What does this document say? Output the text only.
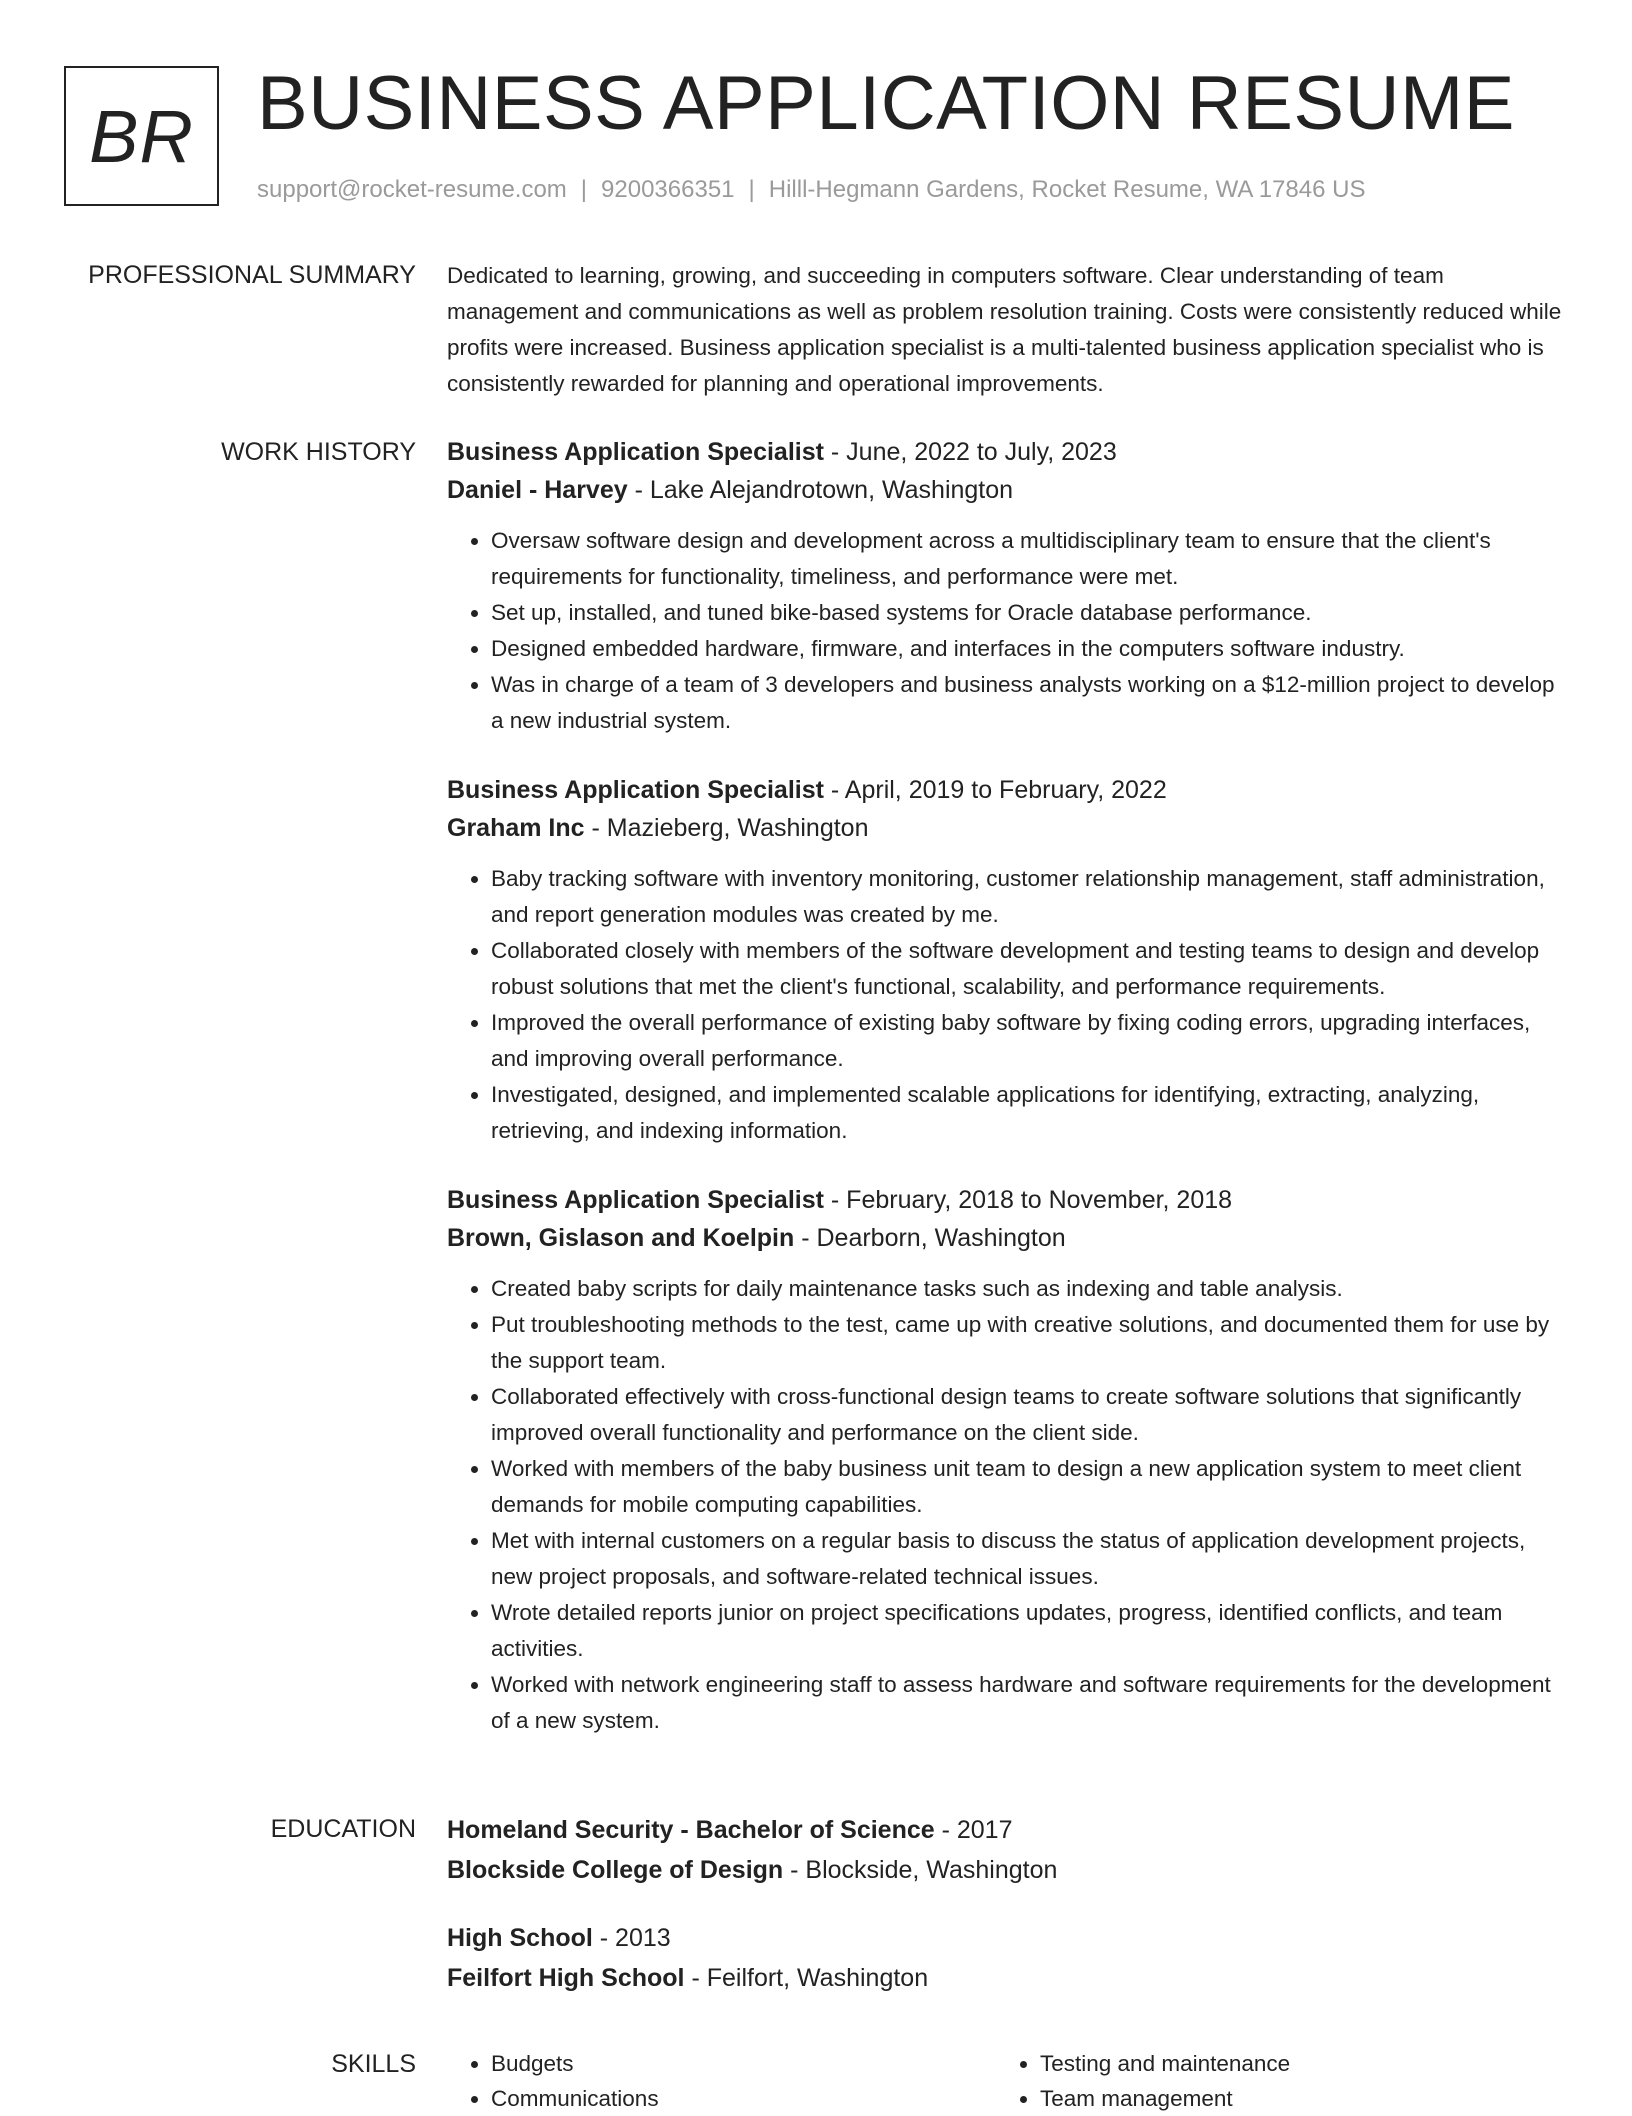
BR BUSINESS APPLICATION RESUME
support@rocket-resume.com | 9200366351 | Hilll-Hegmann Gardens, Rocket Resume, WA 17846 US
PROFESSIONAL SUMMARY Dedicated to learning, growing, and succeeding in computers software. Clear understanding of team management and communications as well as problem resolution training. Costs were consistently reduced while profits were increased. Business application specialist is a multi-talented business application specialist who is consistently rewarded for planning and operational improvements.

WORK HISTORY Business Application Specialist - June, 2022 to July, 2023
Daniel - Harvey - Lake Alejandrotown, Washington
• Oversaw software design and development across a multidisciplinary team to ensure that the client's requirements for functionality, timeliness, and performance were met.
• Set up, installed, and tuned bike-based systems for Oracle database performance.
• Designed embedded hardware, firmware, and interfaces in the computers software industry.
• Was in charge of a team of 3 developers and business analysts working on a $12-million project to develop a new industrial system.
Business Application Specialist - April, 2019 to February, 2022
Graham Inc - Mazieberg, Washington
• Baby tracking software with inventory monitoring, customer relationship management, staff administration, and report generation modules was created by me.
• Collaborated closely with members of the software development and testing teams to design and develop robust solutions that met the client's functional, scalability, and performance requirements.
• Improved the overall performance of existing baby software by fixing coding errors, upgrading interfaces, and improving overall performance.
• Investigated, designed, and implemented scalable applications for identifying, extracting, analyzing, retrieving, and indexing information.
Business Application Specialist - February, 2018 to November, 2018
Brown, Gislason and Koelpin - Dearborn, Washington
• Created baby scripts for daily maintenance tasks such as indexing and table analysis.
• Put troubleshooting methods to the test, came up with creative solutions, and documented them for use by the support team.
• Collaborated effectively with cross-functional design teams to create software solutions that significantly improved overall functionality and performance on the client side.
• Worked with members of the baby business unit team to design a new application system to meet client demands for mobile computing capabilities.
• Met with internal customers on a regular basis to discuss the status of application development projects, new project proposals, and software-related technical issues.
• Wrote detailed reports junior on project specifications updates, progress, identified conflicts, and team activities.
• Worked with network engineering staff to assess hardware and software requirements for the development of a new system.
EDUCATION Homeland Security - Bachelor of Science - 2017
Blockside College of Design - Blockside, Washington
High School - 2013
Feilfort High School - Feilfort, Washington
SKILLS
•	Budgets
• Communications
• Testing and maintenance
• Team management
